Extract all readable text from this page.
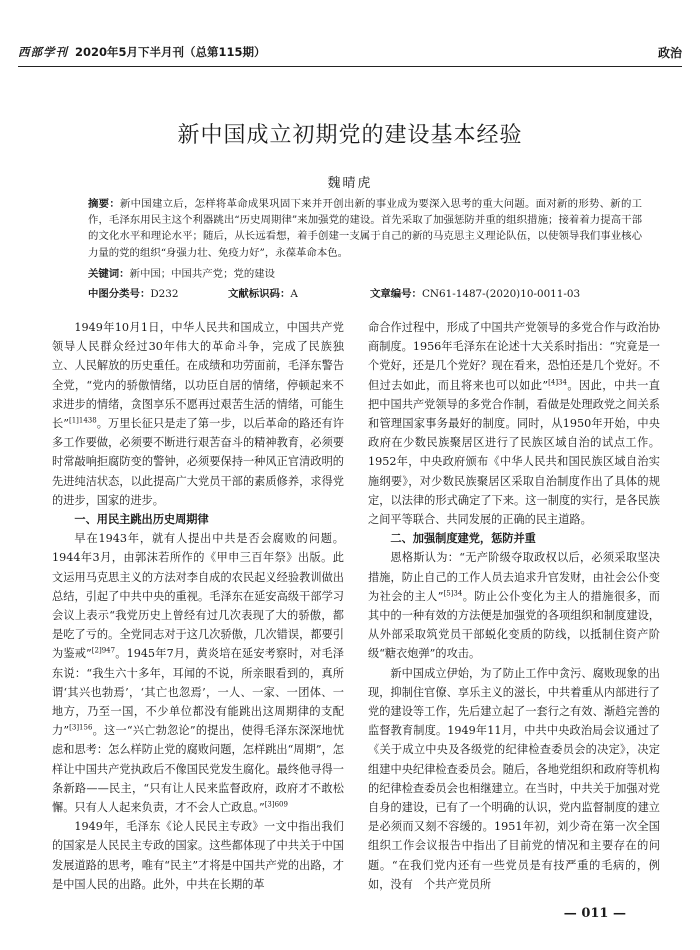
西部学刊 2020年5月下半月刊（总第115期）	政治
新中国成立初期党的建设基本经验
魏晴虎
摘要：新中国建立后，怎样将革命成果巩固下来并开创出新的事业成为要深入思考的重大问题。面对新的形势、新的工作，毛泽东用民主这个利器跳出“历史周期律”来加强党的建设。首先采取了加强惩防并重的组织措施；接着着力提高干部的文化水平和理论水平；随后，从长远看想，着手创建一支属于自己的新的马克思主义理论队伍，以使领导我们事业核心力量的党的组织“身强力壮、免疫力好”，永葆革命本色。
关键词：新中国；中国共产党；党的建设
中图分类号：D232	文献标识码：A	文章编号：CN61-1487-(2020)10-0011-03

1949年10月1日，中华人民共和国成立，中国共产党领导人民群众经过30年伟大的革命斗争，完成了民族独立、人民解放的历史重任。在成绩和功劳面前，毛泽东警告全党，“党内的骄傲情绪，以功臣自居的情绪，停顿起来不求进步的情绪，贪图享乐不愿再过艰苦生活的情绪，可能生长”$^{[1]1438}$。万里长征只是走了第一步，以后革命的路还有许多工作要做，必须要不断进行艰苦奋斗的精神教育，必须要时常敲响拒腐防变的警钟，必须要保持一种风正官清政明的先进纯洁状态，以此提高广大党员干部的素质修养，求得党的进步，国家的进步。

一、用民主跳出历史周期律

早在1943年，就有人提出中共是否会腐败的问题。1944年3月，由郭沫若所作的《甲申三百年祭》出版。此文运用马克思主义的方法对李自成的农民起义经验教训做出总结，引起了中共中央的重视。毛泽东在延安高级干部学习会议上表示“我党历史上曾经有过几次表现了大的骄傲，都是吃了亏的。全党同志对于这几次骄傲，几次错误，都要引为鉴戒”$^{[2]947}$。1945年7月，黄炎培在延安考察时，对毛泽东说：“我生六十多年，耳闻的不说，所亲眼看到的，真所谓‘其兴也勃焉’，‘其亡也忽焉’，一人、一家、一团体、一地方，乃至一国，不少单位都没有能跳出这周期律的支配力”$^{[3]156}$。这一“兴亡勃忽论”的提出，使得毛泽东深深地忧虑和思考：怎么样防止党的腐败问题，怎样跳出“周期”，怎样让中国共产党执政后不像国民党发生腐化。最终他寻得一条新路——民主，“只有让人民来监督政府，政府才不敢松懈。只有人人起来负责，才不会人亡政息。”$^{[3]609}$

1949年，毛泽东《论人民民主专政》一文中指出我们的国家是人民民主专政的国家。这些都体现了中共关于中国发展道路的思考，唯有“民主”才将是中国共产党的出路，才是中国人民的出路。此外，中共在长期的革

命合作过程中，形成了中国共产党领导的多党合作与政治协商制度。1956年毛泽东在论述十大关系时指出：“究竟是一个党好，还是几个党好？现在看来，恐怕还是几个党好。不但过去如此，而且将来也可以如此”$^{[4]34}$。因此，中共一直把中国共产党领导的多党合作制，看做是处理政党之间关系和管理国家事务最好的制度。同时，从1950年开始，中央政府在少数民族聚居区进行了民族区域自治的试点工作。1952年，中央政府颁布《中华人民共和国民族区域自治实施纲要》，对少数民族聚居区采取自治制度作出了具体的规定，以法律的形式确定了下来。这一制度的实行，是各民族之间平等联合、共同发展的正确的民主道路。

二、加强制度建党，惩防并重

恩格斯认为：“无产阶级夺取政权以后，必须采取坚决措施，防止自己的工作人员去追求升官发财，由社会公仆变为社会的主人”$^{[5]34}$。防止公仆变化为主人的措施很多，而其中的一种有效的方法便是加强党的各项组织和制度建设，从外部采取筑党员干部蜕化变质的防线，以抵制住资产阶级“糖衣炮弹”的攻击。

新中国成立伊始，为了防止工作中贪污、腐败现象的出现，抑制住官僚、享乐主义的滋长，中共着重从内部进行了党的建设等工作，先后建立起了一套行之有效、渐趋完善的监督教育制度。1949年11月，中共中央政治局会议通过了《关于成立中央及各级党的纪律检查委员会的决定》，决定组建中央纪律检查委员会。随后，各地党组织和政府等机构的纪律检查委员会也相继建立。在当时，中共关于加强对党自身的建设，已有了一个明确的认识，党内监督制度的建立是必须而又刻不容缓的。1951年初，刘少奇在第一次全国组织工作会议报告中指出了目前党的情况和主要存在的问题。“在我们党内还有一些党员是有技严重的毛病的，例如，没有　个共产党员所

— 011 —
